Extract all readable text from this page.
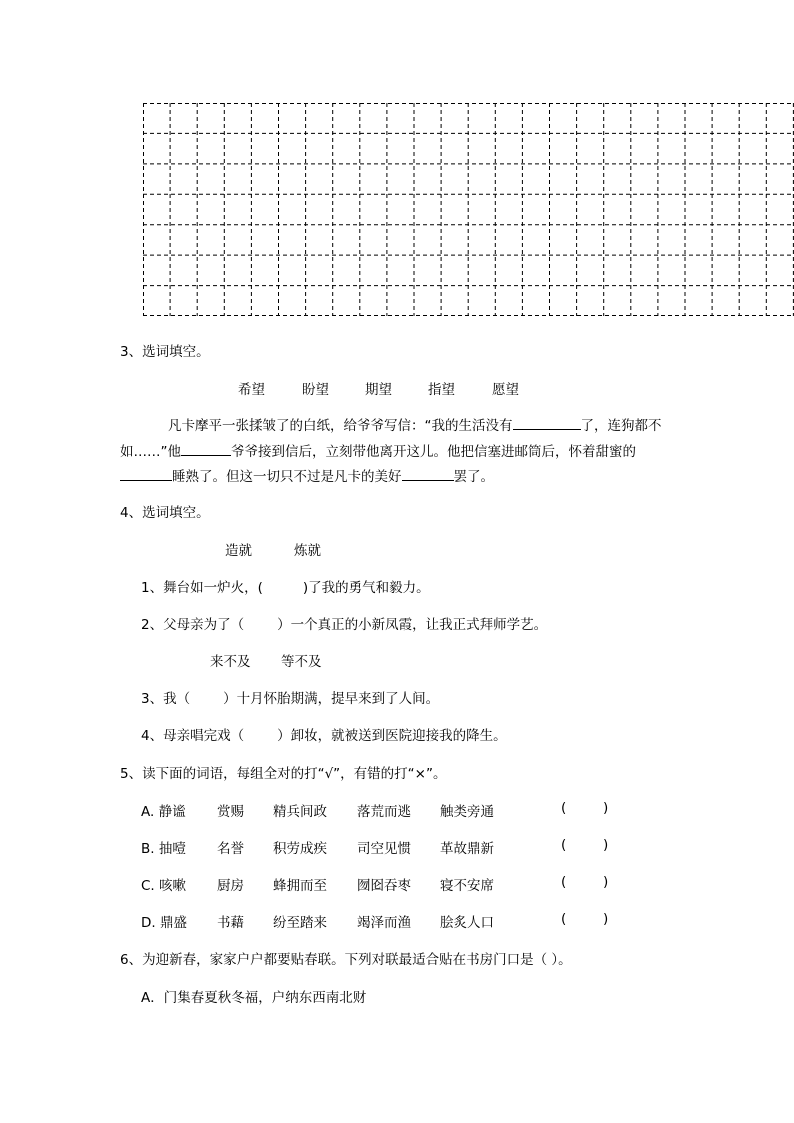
3、选词填空。
希望	盼望	期望	指望	愿望
凡卡摩平一张揉皱了的白纸，给爷爷写信：“我的生活没有	了，连狗都不
如……”他	爷爷接到信后，立刻带他离开这儿。他把信塞进邮筒后，怀着甜蜜的
睡熟了。但这一切只不过是凡卡的美好	罢了。
4、选词填空。
造就	炼就
1、舞台如一炉火，(	)了我的勇气和毅力。
2、父母亲为了（ ）一个真正的小新凤霞，让我正式拜师学艺。
来不及 等不及
3、我（ ）十月怀胎期满，提早来到了人间。
4、母亲唱完戏（ ）卸妆，就被送到医院迎接我的降生。
5、读下面的词语，每组全对的打“√”，有错的打“×”。
A. 静谧 赏赐 精兵间政 落荒而逃 触类旁通	(	)
B. 抽噎 名誉 积劳成疾 司空见惯 革故鼎新	(	)
C. 咳嗽 厨房 蜂拥而至 囫囵吞枣 寝不安席	(	)
D. 鼎盛 书藉 纷至踏来 竭泽而渔 脍炙人口	(	)
6、为迎新春，家家户户都要贴春联。下列对联最适合贴在书房门口是（ ）。
A．门集春夏秋冬福，户纳东西南北财
